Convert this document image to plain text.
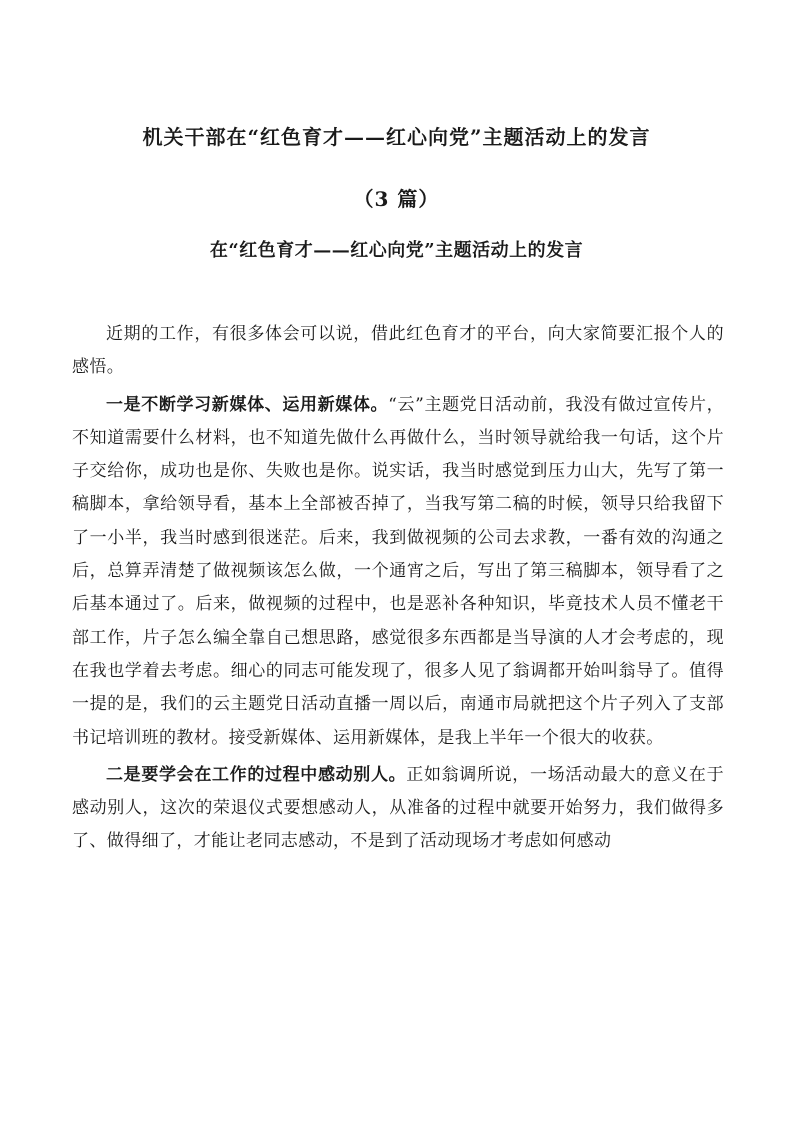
机关干部在“红色育才——红心向党”主题活动上的发言
（3 篇）
在“红色育才——红心向党”主题活动上的发言

近期的工作，有很多体会可以说，借此红色育才的平台，向大家简要汇报个人的感悟。

一是不断学习新媒体、运用新媒体。“云”主题党日活动前，我没有做过宣传片，不知道需要什么材料，也不知道先做什么再做什么，当时领导就给我一句话，这个片子交给你，成功也是你、失败也是你。说实话，我当时感觉到压力山大，先写了第一稿脚本，拿给领导看，基本上全部被否掉了，当我写第二稿的时候，领导只给我留下了一小半，我当时感到很迷茫。后来，我到做视频的公司去求教，一番有效的沟通之后，总算弄清楚了做视频该怎么做，一个通宵之后，写出了第三稿脚本，领导看了之后基本通过了。后来，做视频的过程中，也是恶补各种知识，毕竟技术人员不懂老干部工作，片子怎么编全靠自己想思路，感觉很多东西都是当导演的人才会考虑的，现在我也学着去考虑。细心的同志可能发现了，很多人见了翁调都开始叫翁导了。值得一提的是，我们的云主题党日活动直播一周以后，南通市局就把这个片子列入了支部书记培训班的教材。接受新媒体、运用新媒体，是我上半年一个很大的收获。

二是要学会在工作的过程中感动别人。正如翁调所说，一场活动最大的意义在于感动别人，这次的荣退仪式要想感动人，从准备的过程中就要开始努力，我们做得多了、做得细了，才能让老同志感动，不是到了活动现场才考虑如何感动
